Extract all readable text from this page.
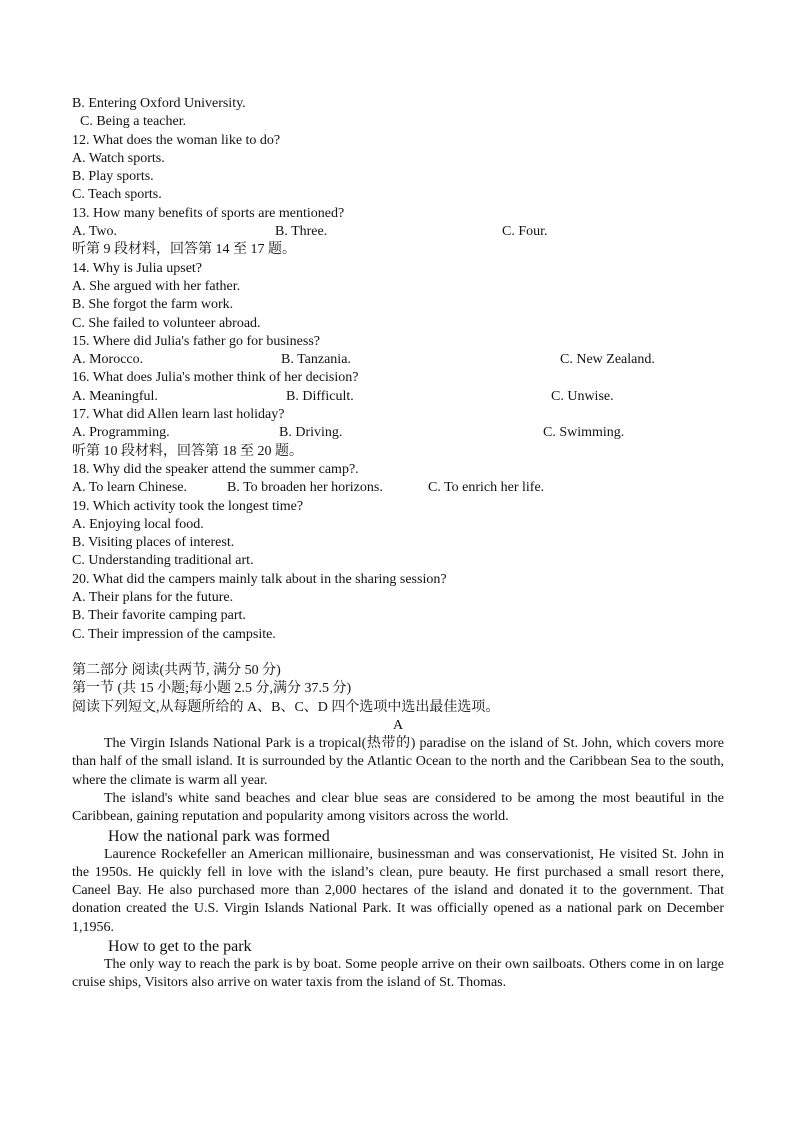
B. Entering Oxford University.
C. Being a teacher.
12. What does the woman like to do?
A. Watch sports.
B. Play sports.
C. Teach sports.
13. How many benefits of sports are mentioned?
A. Two.	B. Three.	C. Four.
听第 9 段材料，回答第 14 至 17 题。
14. Why is Julia upset?
A. She argued with her father.
B. She forgot the farm work.
C. She failed to volunteer abroad.
15. Where did Julia's father go for business?
A. Morocco.	B. Tanzania.	C. New Zealand.
16. What does Julia's mother think of her decision?
A. Meaningful.	B. Difficult.	C. Unwise.
17. What did Allen learn last holiday?
A. Programming.	B. Driving.	C. Swimming.
听第 10 段材料，回答第 18 至 20 题。
18. Why did the speaker attend the summer camp?.
A. To learn Chinese.	B. To broaden her horizons.	C. To enrich her life.
19. Which activity took the longest time?
A. Enjoying local food.
B. Visiting places of interest.
C. Understanding traditional art.
20. What did the campers mainly talk about in the sharing session?
A. Their plans for the future.
B. Their favorite camping part.
C. Their impression of the campsite.
第二部分 阅读(共两节, 满分 50 分)
第一节 (共 15 小题;每小题 2.5 分,满分 37.5 分)
阅读下列短文,从每题所给的 A、B、C、D 四个选项中选出最佳选项。
A
The Virgin Islands National Park is a tropical(热带的) paradise on the island of St. John, which covers more than half of the small island. It is surrounded by the Atlantic Ocean to the north and the Caribbean Sea to the south, where the climate is warm all year.
The island's white sand beaches and clear blue seas are considered to be among the most beautiful in the Caribbean, gaining reputation and popularity among visitors across the world.
How the national park was formed
Laurence Rockefeller an American millionaire, businessman and was conservationist, He visited St. John in the 1950s. He quickly fell in love with the island’s clean, pure beauty. He first purchased a small resort there, Caneel Bay. He also purchased more than 2,000 hectares of the island and donated it to the government. That donation created the U.S. Virgin Islands National Park. It was officially opened as a national park on December 1,1956.
How to get to the park
The only way to reach the park is by boat. Some people arrive on their own sailboats. Others come in on large cruise ships, Visitors also arrive on water taxis from the island of St. Thomas.
